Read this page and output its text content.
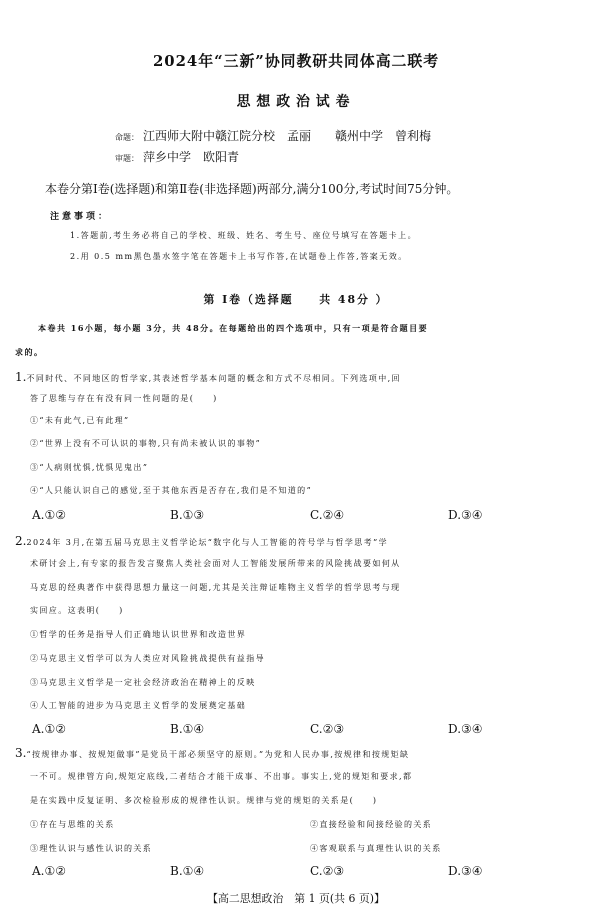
2024年“三新”协同教研共同体高二联考
思想政治试卷
命题： 江西师大附中赣江院分校　孟丽　　赣州中学　曾利梅
审题： 萍乡中学　欧阳青
本卷分第Ⅰ卷(选择题)和第Ⅱ卷(非选择题)两部分,满分100分,考试时间75分钟。
注意事项：
1.答题前,考生务必将自己的学校、班级、姓名、考生号、座位号填写在答题卡上。
2.用 0.5 mm黑色墨水签字笔在答题卡上书写作答,在试题卷上作答,答案无效。
第 Ⅰ卷（选择题　　共 48分 ）
本卷共 16小题，每小题 3分，共 48分。在每题给出的四个选项中，只有一项是符合题目要
求的。
1.不同时代、不同地区的哲学家,其表述哲学基本问题的概念和方式不尽相同。下列选项中,回
答了思维与存在有没有同一性问题的是(　　)
①“未有此气,已有此理”
②“世界上没有不可认识的事物,只有尚未被认识的事物”
③“人病则忧惧,忧惧见鬼出”
④“人只能认识自己的感觉,至于其他东西是否存在,我们是不知道的”
A.①②	B.①③	C.②④	D.③④
2.2024年 3月,在第五届马克思主义哲学论坛“数字化与人工智能的符号学与哲学思考”学
术研讨会上,有专家的报告发言聚焦人类社会面对人工智能发展所带来的风险挑战要如何从
马克思的经典著作中获得思想力量这一问题,尤其是关注辩证唯物主义哲学的哲学思考与现
实回应。这表明(　　)
①哲学的任务是指导人们正确地认识世界和改造世界
②马克思主义哲学可以为人类应对风险挑战提供有益指导
③马克思主义哲学是一定社会经济政治在精神上的反映
④人工智能的进步为马克思主义哲学的发展奠定基础
A.①②	B.①④	C.②③	D.③④
3.“按规律办事、按规矩做事”是党员干部必须坚守的原则。”为党和人民办事,按规律和按规矩缺
一不可。规律管方向,规矩定底线,二者结合才能干成事、不出事。事实上,党的规矩和要求,都
是在实践中反复证明、多次检验形成的规律性认识。规律与党的规矩的关系是(　　)
①存在与思维的关系	②直接经验和间接经验的关系
③理性认识与感性认识的关系	④客观联系与真理性认识的关系
A.①②	B.①④	C.②③	D.③④
【高二思想政治　第 1 页(共 6 页)】
